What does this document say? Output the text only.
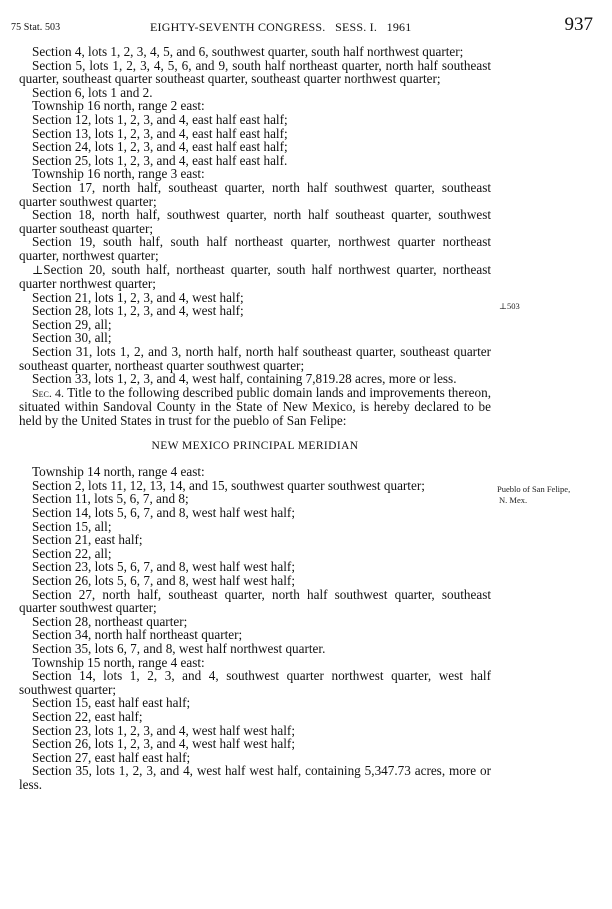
75 Stat. 503	EIGHTY-SEVENTH CONGRESS.   SESS. I.   1961	937

Section 4, lots 1, 2, 3, 4, 5, and 6, southwest quarter, south half northwest quarter;

Section 5, lots 1, 2, 3, 4, 5, 6, and 9, south half northeast quarter, north half southeast quarter, southeast quarter southeast quarter, southeast quarter northwest quarter;

Section 6, lots 1 and 2.

Township 16 north, range 2 east:

Section 12, lots 1, 2, 3, and 4, east half east half;

Section 13, lots 1, 2, 3, and 4, east half east half;

Section 24, lots 1, 2, 3, and 4, east half east half;

Section 25, lots 1, 2, 3, and 4, east half east half.

Township 16 north, range 3 east:

Section 17, north half, southeast quarter, north half southwest quarter, southeast quarter southwest quarter;

Section 18, north half, southwest quarter, north half southeast quarter, southwest quarter southeast quarter;

Section 19, south half, south half northeast quarter, northwest quarter northeast quarter, northwest quarter;

⊥Section 20, south half, northeast quarter, south half northwest quarter, northeast quarter northwest quarter;

Section 21, lots 1, 2, 3, and 4, west half;

Section 28, lots 1, 2, 3, and 4, west half;

Section 29, all;

Section 30, all;

Section 31, lots 1, 2, and 3, north half, north half southeast quarter, southeast quarter southeast quarter, northeast quarter southwest quarter;

Section 33, lots 1, 2, 3, and 4, west half, containing 7,819.28 acres, more or less.

Sec. 4. Title to the following described public domain lands and improvements thereon, situated within Sandoval County in the State of New Mexico, is hereby declared to be held by the United States in trust for the pueblo of San Felipe:

NEW MEXICO PRINCIPAL MERIDIAN

Township 14 north, range 4 east:

Section 2, lots 11, 12, 13, 14, and 15, southwest quarter southwest quarter;

Section 11, lots 5, 6, 7, and 8;

Section 14, lots 5, 6, 7, and 8, west half west half;

Section 15, all;

Section 21, east half;

Section 22, all;

Section 23, lots 5, 6, 7, and 8, west half west half;

Section 26, lots 5, 6, 7, and 8, west half west half;

Section 27, north half, southeast quarter, north half southwest quarter, southeast quarter southwest quarter;

Section 28, northeast quarter;

Section 34, north half northeast quarter;

Section 35, lots 6, 7, and 8, west half northwest quarter.

Township 15 north, range 4 east:

Section 14, lots 1, 2, 3, and 4, southwest quarter northwest quarter, west half southwest quarter;

Section 15, east half east half;

Section 22, east half;

Section 23, lots 1, 2, 3, and 4, west half west half;

Section 26, lots 1, 2, 3, and 4, west half west half;

Section 27, east half east half;

Section 35, lots 1, 2, 3, and 4, west half west half, containing 5,347.73 acres, more or less.

⊥503
Pueblo of San Felipe,
N. Mex.
